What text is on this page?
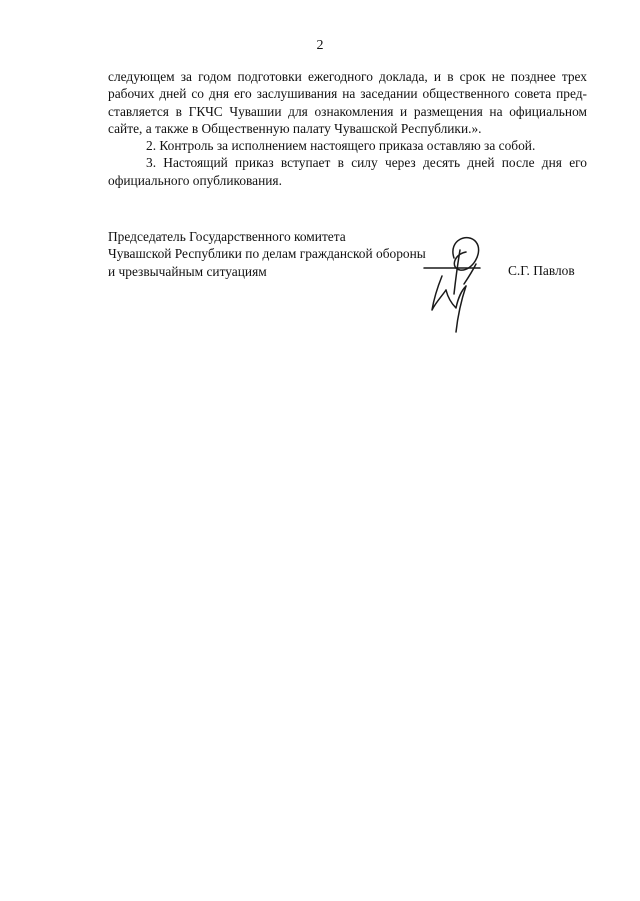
2
следующем за годом подготовки ежегодного доклада, и в срок не позднее трех
рабочих дней со дня его заслушивания на заседании общественного совета пред-
ставляется в ГКЧС Чувашии для ознакомления и размещения на официальном
сайте, а также в Общественную палату Чувашской Республики.».
2. Контроль за исполнением настоящего приказа оставляю за собой.
3. Настоящий приказ вступает в силу через десять дней после дня его
официального опубликования.
Председатель Государственного комитета
Чувашской Республики по делам гражданской обороны
и чрезвычайным ситуациям	С.Г. Павлов
